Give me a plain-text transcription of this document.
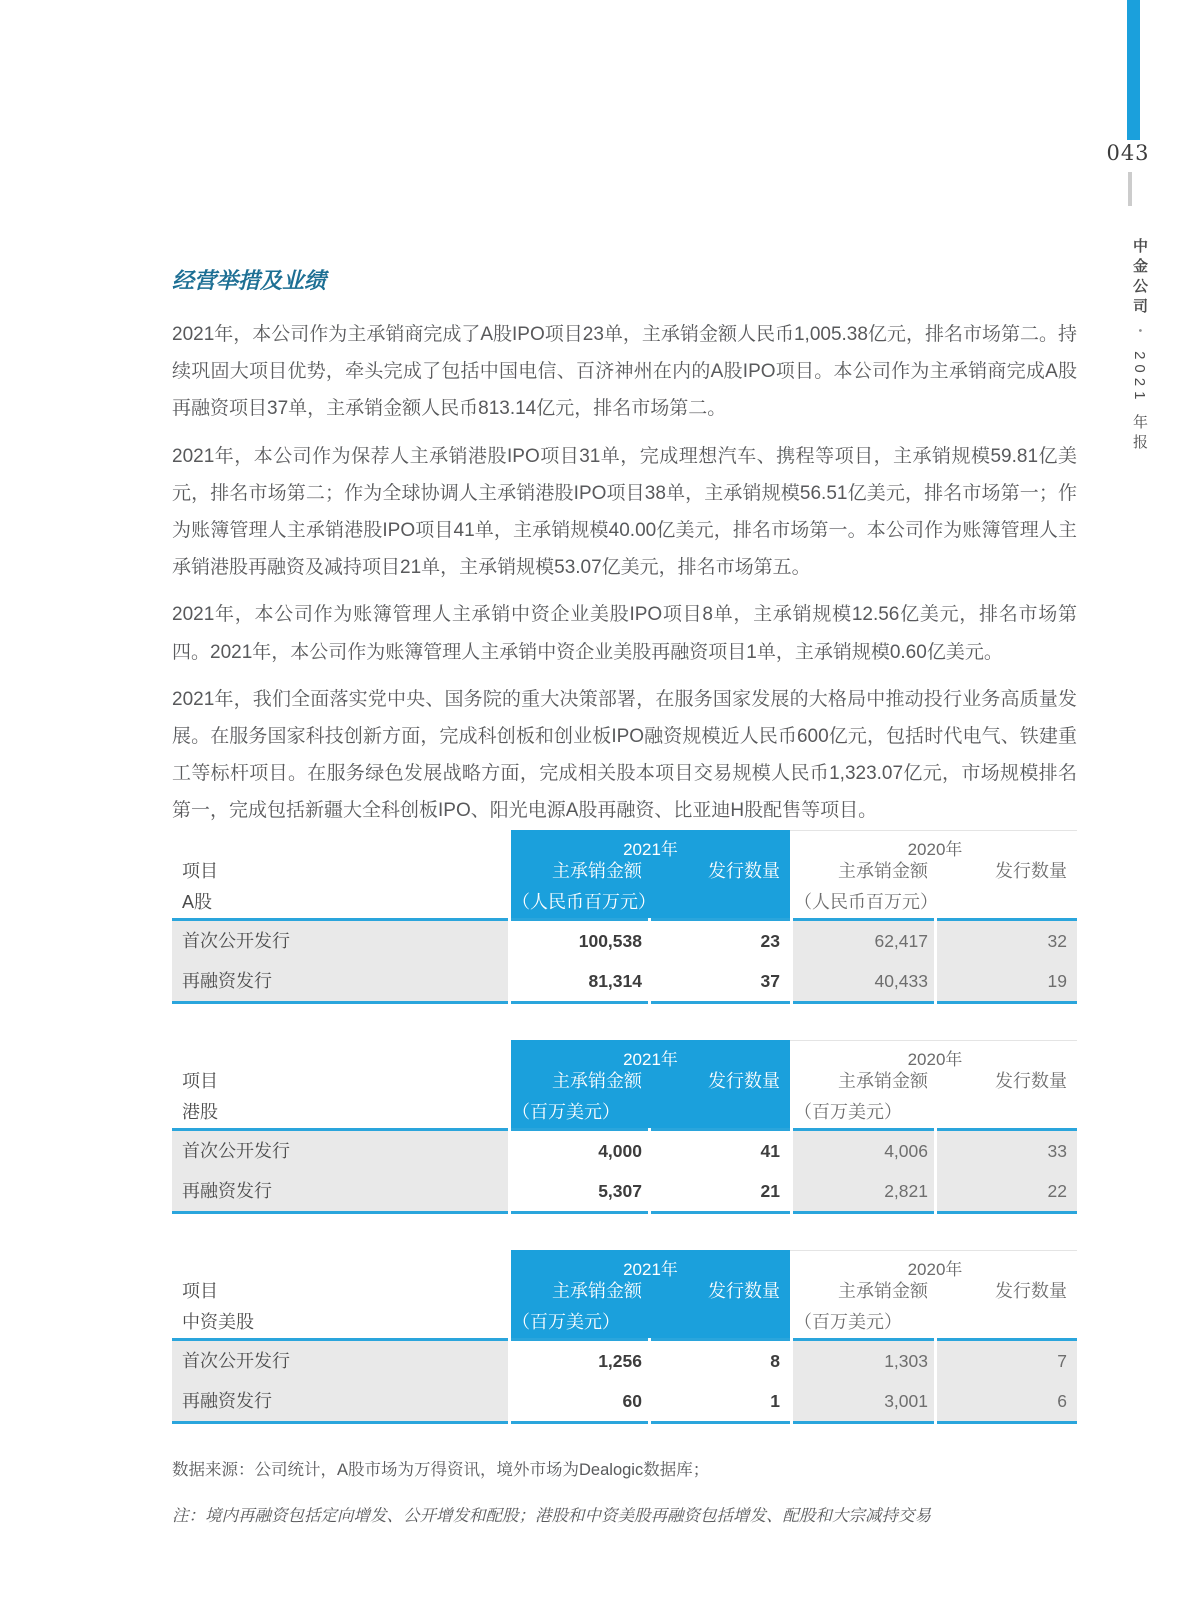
043
中金公司 • 2021 年报
经营举措及业绩

2021年，本公司作为主承销商完成了A股IPO项目23单，主承销金额人民币1,005.38亿元，排名市场第二。持续巩固大项目优势，牵头完成了包括中国电信、百济神州在内的A股IPO项目。本公司作为主承销商完成A股再融资项目37单，主承销金额人民币813.14亿元，排名市场第二。

2021年，本公司作为保荐人主承销港股IPO项目31单，完成理想汽车、携程等项目，主承销规模59.81亿美元，排名市场第二；作为全球协调人主承销港股IPO项目38单，主承销规模56.51亿美元，排名市场第一；作为账簿管理人主承销港股IPO项目41单，主承销规模40.00亿美元，排名市场第一。本公司作为账簿管理人主承销港股再融资及减持项目21单，主承销规模53.07亿美元，排名市场第五。

2021年，本公司作为账簿管理人主承销中资企业美股IPO项目8单，主承销规模12.56亿美元，排名市场第四。2021年，本公司作为账簿管理人主承销中资企业美股再融资项目1单，主承销规模0.60亿美元。

2021年，我们全面落实党中央、国务院的重大决策部署，在服务国家发展的大格局中推动投行业务高质量发展。在服务国家科技创新方面，完成科创板和创业板IPO融资规模近人民币600亿元，包括时代电气、铁建重工等标杆项目。在服务绿色发展战略方面，完成相关股本项目交易规模人民币1,323.07亿元，市场规模排名第一，完成包括新疆大全科创板IPO、阳光电源A股再融资、比亚迪H股配售等项目。

2021年	2020年
项目	主承销金额	发行数量	主承销金额	发行数量
A股	（人民币百万元）	（人民币百万元）
首次公开发行	100,538	23	62,417	32
再融资发行	81,314	37	40,433	19
2021年	2020年
项目	主承销金额	发行数量	主承销金额	发行数量
港股	（百万美元）	（百万美元）
首次公开发行	4,000	41	4,006	33
再融资发行	5,307	21	2,821	22
2021年	2020年
项目	主承销金额	发行数量	主承销金额	发行数量
中资美股	（百万美元）	（百万美元）
首次公开发行	1,256	8	1,303	7
再融资发行	60	1	3,001	6

数据来源：公司统计，A股市场为万得资讯，境外市场为Dealogic数据库；

注：境内再融资包括定向增发、公开增发和配股；港股和中资美股再融资包括增发、配股和大宗减持交易
